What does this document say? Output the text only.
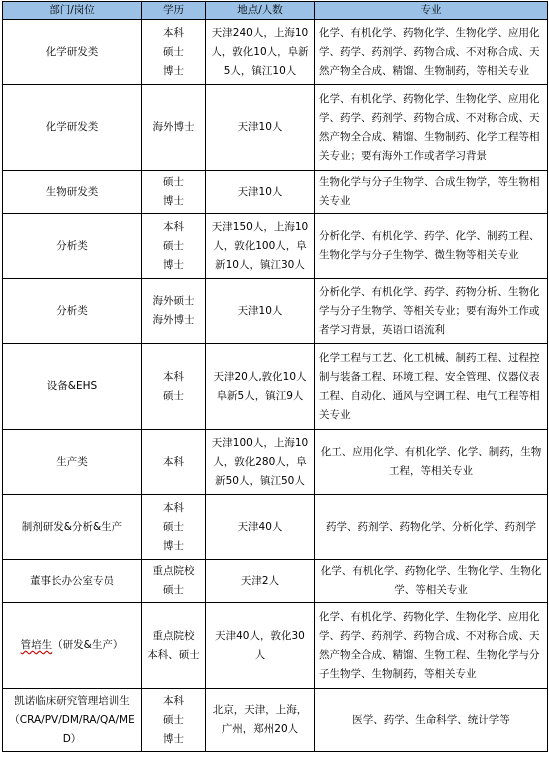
部门/岗位	学历	地点/人数	专业
化学研发类	本科
硕士
博士	天津240人，上海10人，敦化10人，阜新5人，镇江10人	化学、有机化学、药物化学、生物化学、应用化学、药学、药剂学、药物合成、不对称合成、天然产物全合成、精馏、生物制药，等相关专业
化学研发类	海外博士	天津10人	化学、有机化学、药物化学、生物化学、应用化学、药学、药剂学、药物合成、不对称合成、天然产物全合成、精馏、生物制药、化学工程等相关专业；要有海外工作或者学习背景
生物研发类	硕士
博士	天津10人	生物化学与分子生物学、合成生物学，等生物相关专业
分析类	本科
硕士
博士	天津150人，上海10人，敦化100人，阜新10人，镇江30人	分析化学、有机化学、药学、化学、制药工程、生物化学与分子生物学、微生物等相关专业
分析类	海外硕士
海外博士	天津10人	分析化学、有机化学、药学、药物分析、生物化学与分子生物学、等相关专业；要有海外工作或者学习背景，英语口语流利
设备&EHS	本科
硕士	天津20人,敦化10人阜新5人，镇江9人	化学工程与工艺、化工机械、制药工程、过程控制与装备工程、环境工程、安全管理、仪器仪表工程、自动化、通风与空调工程、电气工程等相关专业
生产类	本科	天津100人，上海10人，敦化280人，阜新50人，镇江50人	化工、应用化学、有机化学、化学、制药，生物工程，等相关专业
制剂研发&分析&生产	本科
硕士
博士	天津40人	药学、药剂学、药物化学、分析化学、药剂学
董事长办公室专员	重点院校
硕士	天津2人	化学、有机化学、药物化学、生物化学、生物化学、等相关专业
管培生（研发&生产）	重点院校
本科、硕士	天津40人，敦化30人	化学、有机化学、药物化学、生物化学、应用化学、药学、药剂学、药物合成、不对称合成、天然产物全合成、精馏、生物工程、生物化学与分子生物学、生物制药，等相关专业
凯诺临床研究管理培训生（CRA/PV/DM/RA/QA/MED）	本科
硕士
博士	北京，天津，上海，广州，郑州20人	医学、药学、生命科学、统计学等
